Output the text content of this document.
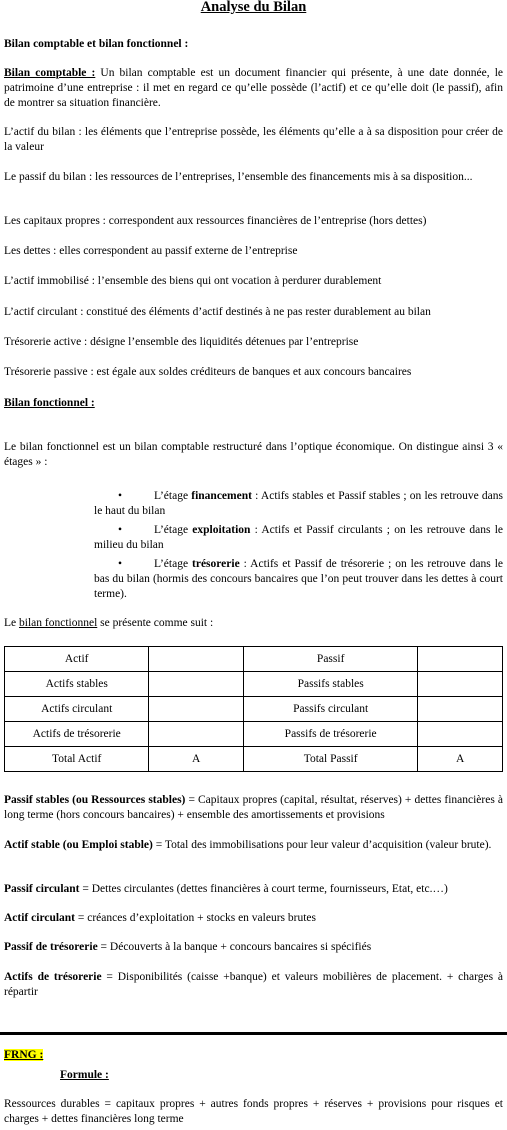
Analyse du Bilan
Bilan comptable et bilan fonctionnel :
Bilan comptable : Un bilan comptable est un document financier qui présente, à une date donnée, le patrimoine d’une entreprise : il met en regard ce qu’elle possède (l’actif) et ce qu’elle doit (le passif), afin de montrer sa situation financière.
L’actif du bilan : les éléments que l’entreprise possède, les éléments qu’elle a à sa disposition pour créer de la valeur
Le passif du bilan : les ressources de l’entreprises, l’ensemble des financements mis à sa disposition...
Les capitaux propres : correspondent aux ressources financières de l’entreprise (hors dettes)
Les dettes : elles correspondent au passif externe de l’entreprise
L’actif immobilisé : l’ensemble des biens qui ont vocation à perdurer durablement
L’actif circulant : constitué des éléments d’actif destinés à ne pas rester durablement au bilan
Trésorerie active : désigne l’ensemble des liquidités détenues par l’entreprise
Trésorerie passive : est égale aux soldes créditeurs de banques et aux concours bancaires
Bilan fonctionnel :
Le bilan fonctionnel est un bilan comptable restructuré dans l’optique économique. On distingue ainsi 3 « étages » :
•	L’étage financement : Actifs stables et Passif stables ; on les retrouve dans le haut du bilan
•	L’étage exploitation : Actifs et Passif circulants ; on les retrouve dans le milieu du bilan
•	L’étage trésorerie : Actifs et Passif de trésorerie ; on les retrouve dans le bas du bilan (hormis des concours bancaires que l’on peut trouver dans les dettes à court terme).
Le bilan fonctionnel se présente comme suit :
Actif		Passif	
Actifs stables		Passifs stables	
Actifs circulant		Passifs circulant	
Actifs de trésorerie		Passifs de trésorerie	
Total Actif	A	Total Passif	A
Passif stables (ou Ressources stables) = Capitaux propres (capital, résultat, réserves) + dettes financières à long terme (hors concours bancaires) + ensemble des amortissements et provisions
Actif stable (ou Emploi stable) = Total des immobilisations pour leur valeur d’acquisition (valeur brute).
Passif circulant = Dettes circulantes (dettes financières à court terme, fournisseurs, Etat, etc.…)
Actif circulant = créances d’exploitation + stocks en valeurs brutes
Passif de trésorerie = Découverts à la banque + concours bancaires si spécifiés
Actifs de trésorerie = Disponibilités (caisse +banque) et valeurs mobilières de placement. + charges à répartir
FRNG :
Formule :
Ressources durables = capitaux propres + autres fonds propres + réserves + provisions pour risques et charges + dettes financières long terme
